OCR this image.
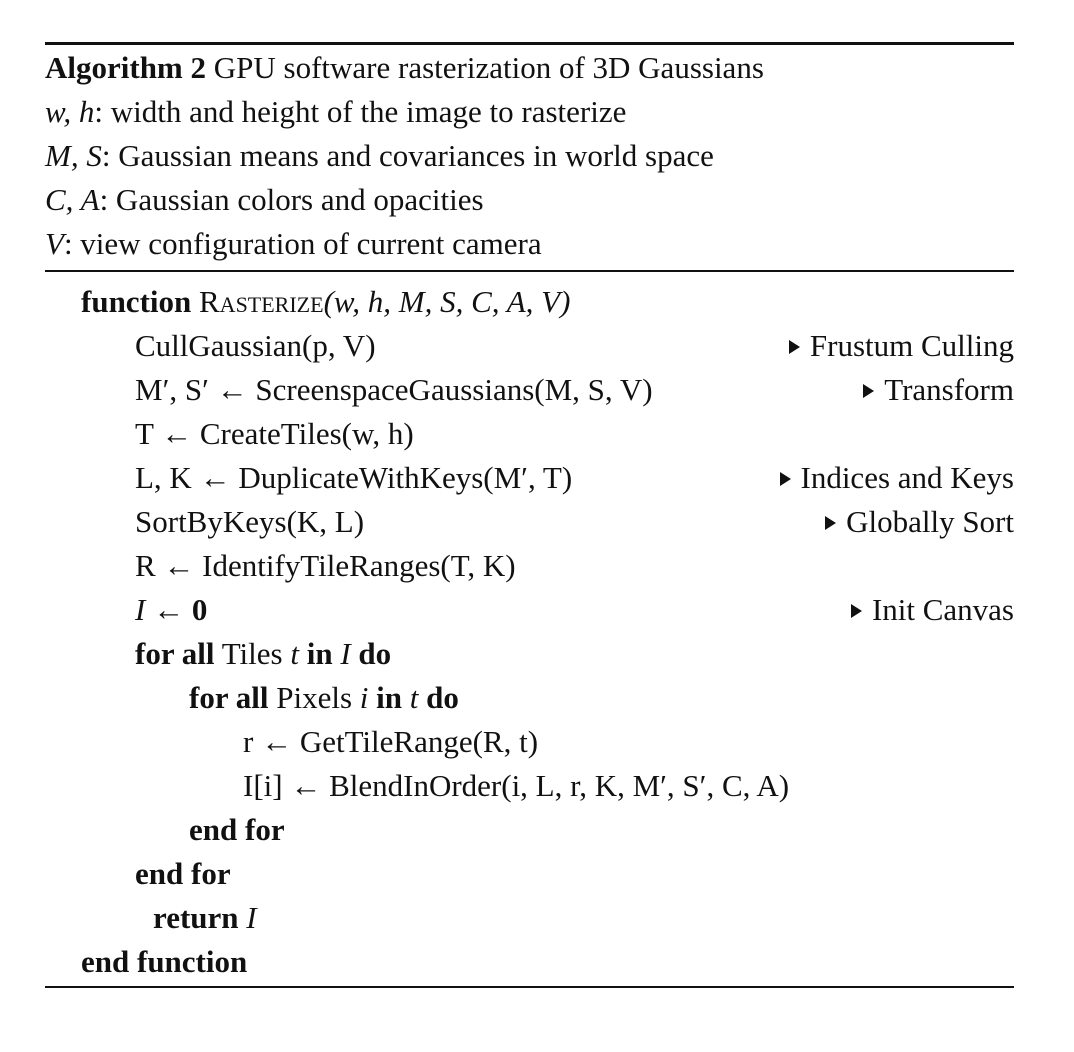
Algorithm 2 GPU software rasterization of 3D Gaussians
w, h: width and height of the image to rasterize
M, S: Gaussian means and covariances in world space
C, A: Gaussian colors and opacities
V: view configuration of current camera
function Rasterize(w, h, M, S, C, A, V)
CullGaussian(p, V)	Frustum Culling
M′, S′ ← ScreenspaceGaussians(M, S, V)	Transform
T ← CreateTiles(w, h)
L, K ← DuplicateWithKeys(M′, T)	Indices and Keys
SortByKeys(K, L)	Globally Sort
R ← IdentifyTileRanges(T, K)
I ← 0	Init Canvas
for all Tiles t in I do
for all Pixels i in t do
r ← GetTileRange(R, t)
I[i] ← BlendInOrder(i, L, r, K, M′, S′, C, A)
end for
end for
return I
end function
